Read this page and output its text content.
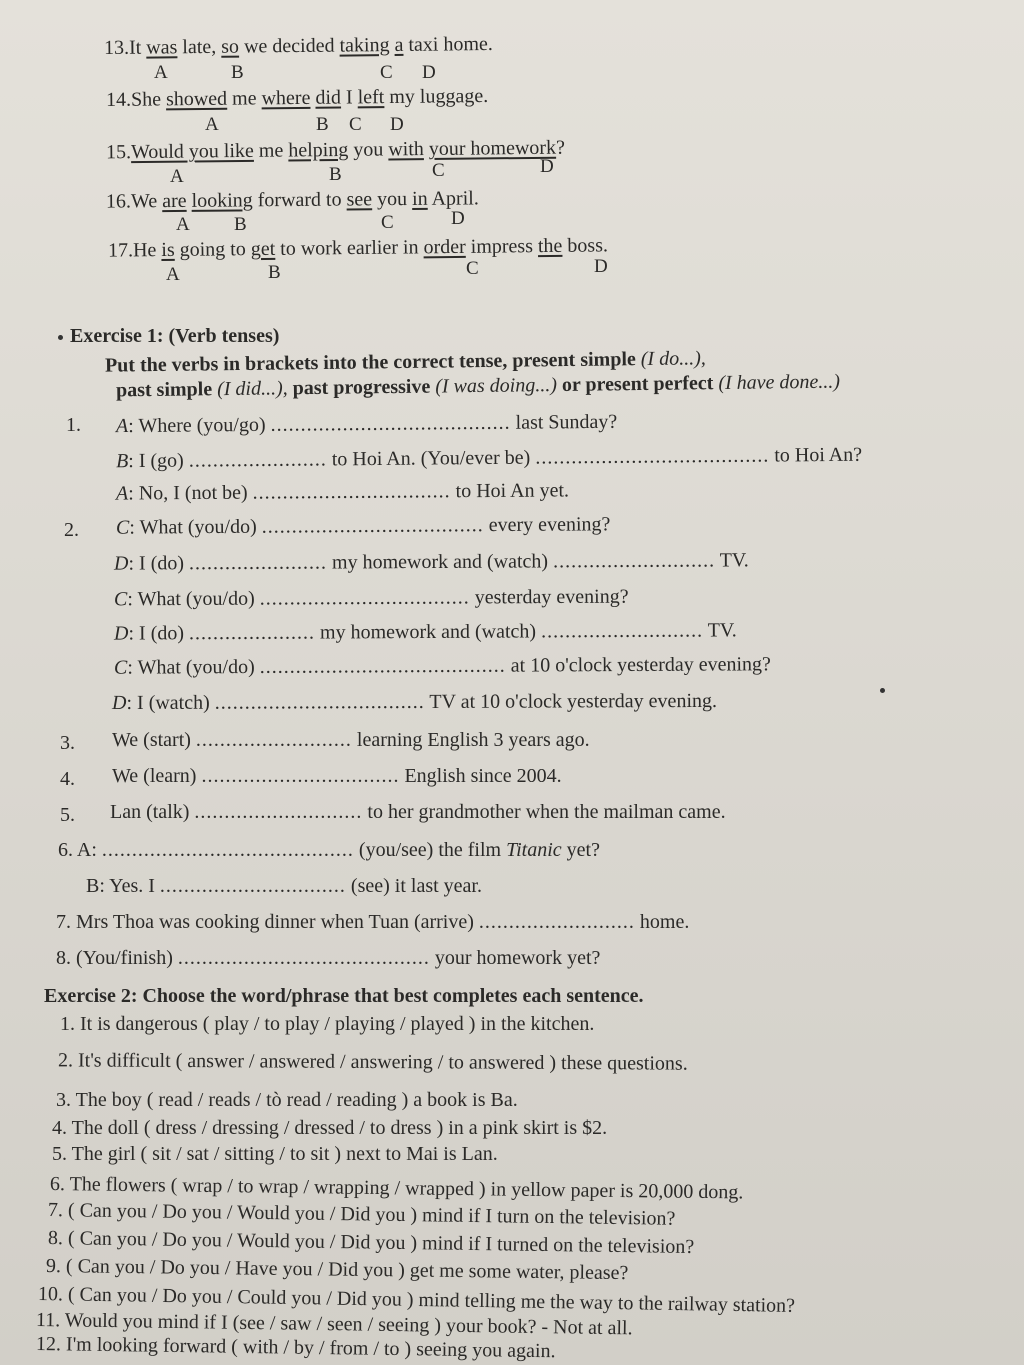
13.It was late, so we decided taking a taxi home.
A	B	C D
14.She showed me where did I left my luggage.
A	B C D
15.Would you like me helping you with your homework?
A	B	C	D
16.We are looking forward to see you in April.
A B	C	D
17.He is going to get to work earlier in order impress the boss.
A	B	C	D
Exercise 1: (Verb tenses)
Put the verbs in brackets into the correct tense, present simple (I do...),
past simple (I did...), past progressive (I was doing...) or present perfect (I have done...)
1. A: Where (you/go) ........................................ last Sunday?
B: I (go) ....................... to Hoi An. (You/ever be) ....................................... to Hoi An?
A: No, I (not be) ................................. to Hoi An yet.
2. C: What (you/do) ..................................... every evening?
D: I (do) ....................... my homework and (watch) ........................... TV.
C: What (you/do) ................................... yesterday evening?
D: I (do) ..................... my homework and (watch) ........................... TV.
C: What (you/do) ......................................... at 10 o'clock yesterday evening?
D: I (watch) ................................... TV at 10 o'clock yesterday evening.
3. We (start) .......................... learning English 3 years ago.
4. We (learn) ................................. English since 2004.
5. Lan (talk) ............................ to her grandmother when the mailman came.
6. A: .......................................... (you/see) the film Titanic yet?
B: Yes. I ............................... (see) it last year.
7. Mrs Thoa was cooking dinner when Tuan (arrive) .......................... home.
8. (You/finish) .......................................... your homework yet?
Exercise 2: Choose the word/phrase that best completes each sentence.
1. It is dangerous ( play / to play / playing / played ) in the kitchen.
2. It's difficult ( answer / answered / answering / to answered ) these questions.
3. The boy ( read / reads / tò read / reading ) a book is Ba.
4. The doll ( dress / dressing / dressed / to dress ) in a pink skirt is $2.
5. The girl ( sit / sat / sitting / to sit ) next to Mai is Lan.
6. The flowers ( wrap / to wrap / wrapping / wrapped ) in yellow paper is 20,000 dong.
7. ( Can you / Do you / Would you / Did you ) mind if I turn on the television?
8. ( Can you / Do you / Would you / Did you ) mind if I turned on the television?
9. ( Can you / Do you / Have you / Did you ) get me some water, please?
10. ( Can you / Do you / Could you / Did you ) mind telling me the way to the railway station?
11. Would you mind if I (see / saw / seen / seeing ) your book? - Not at all.
12. I'm looking forward ( with / by / from / to ) seeing you again.
